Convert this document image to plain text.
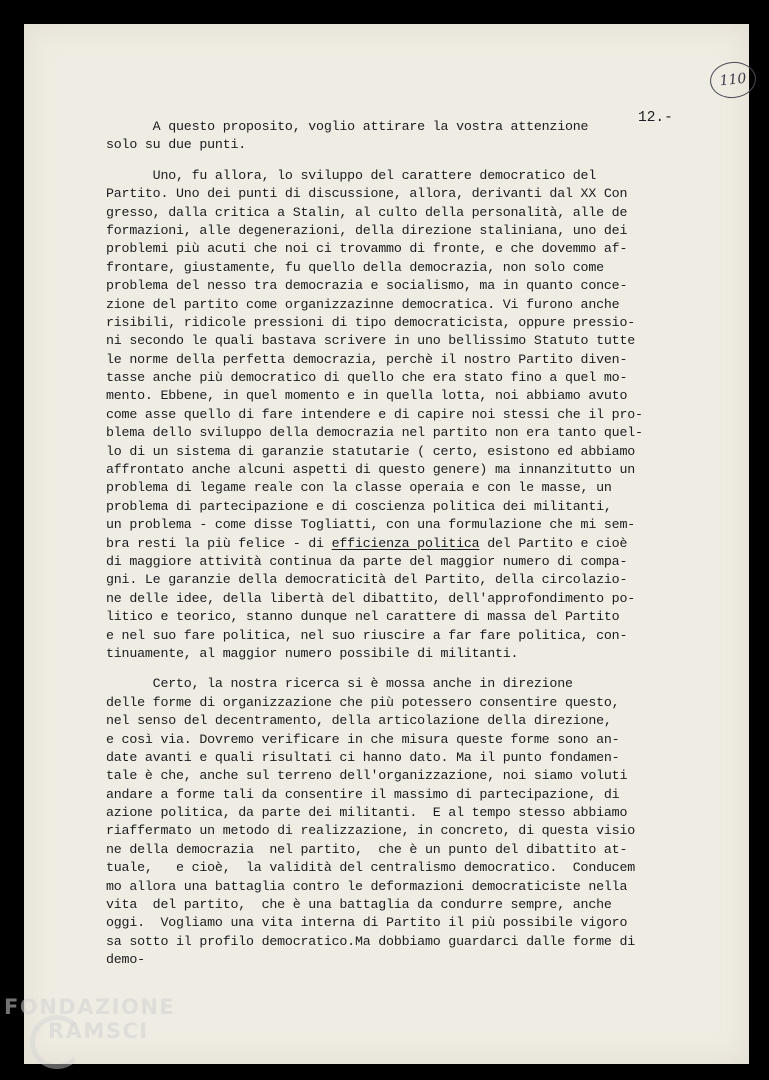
110
12.-
A questo proposito, voglio attirare la vostra attenzione
solo su due punti.
Uno, fu allora, lo sviluppo del carattere democratico del
Partito. Uno dei punti di discussione, allora, derivanti dal XX Con
gresso, dalla critica a Stalin, al culto della personalità, alle de
formazioni, alle degenerazioni, della direzione staliniana, uno dei
problemi più acuti che noi ci trovammo di fronte, e che dovemmo af-
frontare, giustamente, fu quello della democrazia, non solo come
problema del nesso tra democrazia e socialismo, ma in quanto conce-
zione del partito come organizzazinne democratica. Vi furono anche
risibili, ridicole pressioni di tipo democraticista, oppure pressio-
ni secondo le quali bastava scrivere in uno bellissimo Statuto tutte
le norme della perfetta democrazia, perchè il nostro Partito diven-
tasse anche più democratico di quello che era stato fino a quel mo-
mento. Ebbene, in quel momento e in quella lotta, noi abbiamo avuto
come asse quello di fare intendere e di capire noi stessi che il pro-
blema dello sviluppo della democrazia nel partito non era tanto quel-
lo di un sistema di garanzie statutarie ( certo, esistono ed abbiamo
affrontato anche alcuni aspetti di questo genere) ma innanzitutto un
problema di legame reale con la classe operaia e con le masse, un
problema di partecipazione e di coscienza politica dei militanti,
un problema - come disse Togliatti, con una formulazione che mi sem-
bra resti la più felice - di efficienza politica del Partito e cioè
di maggiore attività continua da parte del maggior numero di compa-
gni. Le garanzie della democraticità del Partito, della circolazio-
ne delle idee, della libertà del dibattito, dell'approfondimento po-
litico e teorico, stanno dunque nel carattere di massa del Partito
e nel suo fare politica, nel suo riuscire a far fare politica, con-
tinuamente, al maggior numero possibile di militanti.
Certo, la nostra ricerca si è mossa anche in direzione
delle forme di organizzazione che più potessero consentire questo,
nel senso del decentramento, della articolazione della direzione,
e così via. Dovremo verificare in che misura queste forme sono an-
date avanti e quali risultati ci hanno dato. Ma il punto fondamen-
tale è che, anche sul terreno dell'organizzazione, noi siamo voluti
andare a forme tali da consentire il massimo di partecipazione, di
azione politica, da parte dei militanti.  E al tempo stesso abbiamo
riaffermato un metodo di realizzazione, in concreto, di questa visio
ne della democrazia  nel partito,  che è un punto del dibattito at-
tuale,   e cioè,  la validità del centralismo democratico.  Conducem
mo allora una battaglia contro le deformazioni democraticiste nella
vita  del partito,  che è una battaglia da condurre sempre, anche
oggi.  Vogliamo una vita interna di Partito il più possibile vigoro
sa sotto il profilo democratico.Ma dobbiamo guardarci dalle forme di
demo-
FONDAZIONE
RAMSCI
